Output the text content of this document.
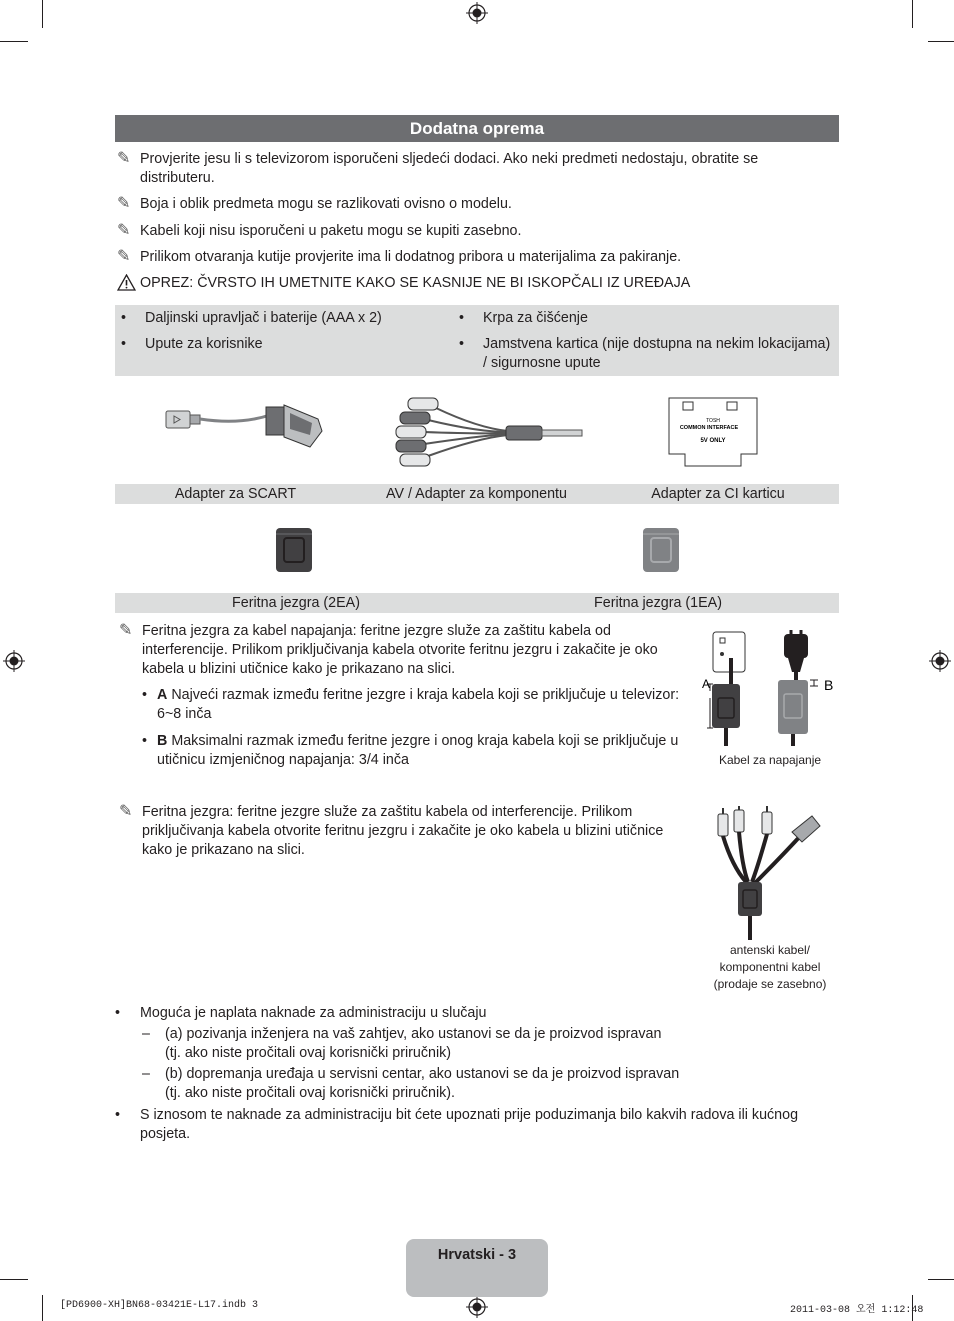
Dodatna oprema
✎ Provjerite jesu li s televizorom isporučeni sljedeći dodaci. Ako neki predmeti nedostaju, obratite se distributeru.
✎ Boja i oblik predmeta mogu se razlikovati ovisno o modelu.
✎ Kabeli koji nisu isporučeni u paketu mogu se kupiti zasebno.
✎ Prilikom otvaranja kutije provjerite ima li dodatnog pribora u materijalima za pakiranje.
OPREZ: ČVRSTO IH UMETNITE KAKO SE KASNIJE NE BI ISKOPČALI IZ UREĐAJA
• Daljinski upravljač i baterije (AAA x 2)
• Upute za korisnike
• Krpa za čišćenje
• Jamstvena kartica (nije dostupna na nekim lokacijama) / sigurnosne upute
TOSH
COMMON INTERFACE
5V ONLY
Adapter za SCART	AV / Adapter za komponentu	Adapter za CI karticu
Feritna jezgra (2EA)	Feritna jezgra (1EA)
✎ Feritna jezgra za kabel napajanja: feritne jezgre služe za zaštitu kabela od interferencije. Prilikom priključivanja kabela otvorite feritnu jezgru i zakačite je oko kabela u blizini utičnice kako je prikazano na slici.
• A Najveći razmak između feritne jezgre i kraja kabela koji se priključuje u televizor: 6~8 inča
• B Maksimalni razmak između feritne jezgre i onog kraja kabela koji se priključuje u utičnicu izmjeničnog napajanja: 3/4 inča
A	B
Kabel za napajanje
✎ Feritna jezgra: feritne jezgre služe za zaštitu kabela od interferencije. Prilikom priključivanja kabela otvorite feritnu jezgru i zakačite je oko kabela u blizini utičnice kako je prikazano na slici.
antenski kabel/
komponentni kabel
(prodaje se zasebno)
• Moguća je naplata naknade za administraciju u slučaju
– (a) pozivanja inženjera na vaš zahtjev, ako ustanovi se da je proizvod ispravan
(tj. ako niste pročitali ovaj korisnički priručnik)
– (b) dopremanja uređaja u servisni centar, ako ustanovi se da je proizvod ispravan
(tj. ako niste pročitali ovaj korisnički priručnik).
• S iznosom te naknade za administraciju bit ćete upoznati prije poduzimanja bilo kakvih radova ili kućnog posjeta.
Hrvatski - 3
[PD6900-XH]BN68-03421E-L17.indb 3	2011-03-08 오전 1:12:48
